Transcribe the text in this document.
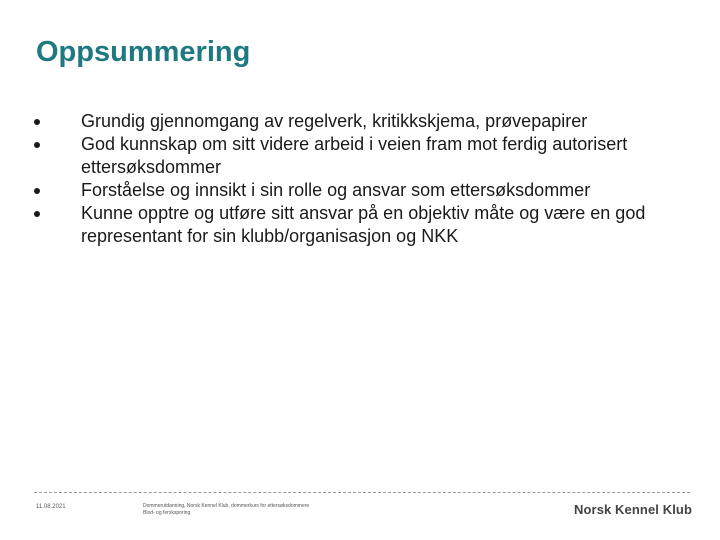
Oppsummering
Grundig gjennomgang av regelverk, kritikkskjema, prøvepapirer
God kunnskap om sitt videre arbeid i veien fram mot ferdig autorisert ettersøksdommer
Forståelse og innsikt i sin rolle og ansvar som ettersøksdommer
Kunne opptre og utføre sitt ansvar på en objektiv måte og være en god representant for sin klubb/organisasjon og NKK
11.08.2021	Dommerutdanning, Norsk Kennel Klub, dommerkurs for ettersøksdommere
Blod- og fersksporing	Norsk Kennel Klub
